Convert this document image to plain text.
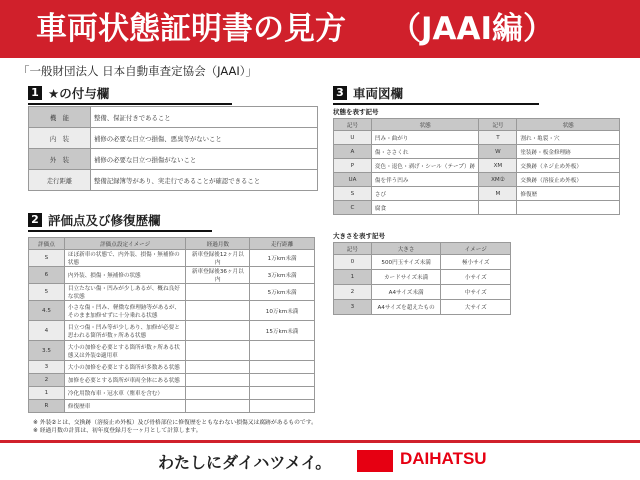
車両状態証明書の見方 （JAAI編）
「一般財団法人 日本自動車査定協会（JAAI）」
1 ★の付与欄
機　能	整備、保証付きであること
内　装	補修の必要な目立つ損傷、悪臭等がないこと
外　装	補修の必要な目立つ損傷がないこと
走行距離	整備記録簿等があり、実走行であることが確認できること
2 評価点及び修復歴欄
評価点	評価点設定イメージ	経過月数	走行距離
S	ほぼ新車の状態で、内外装、損傷・無補修の状態	新車登録後12ヶ月以内	1万km未満
6	内外装、損傷・無補修の状態	新車登録後36ヶ月以内	3万km未満
5	目立たない傷・凹みが少しあるが、概ね良好な状態		5万km未満
4.5	小さな傷・凹み、軽微な修理跡等があるが、そのまま加修せずに十分乗れる状態		10万km未満
4	目立つ傷・凹み等が少しあり、加修が必要と思われる箇所が数ヶ所ある状態		15万km未満
3.5	大小の加修を必要とする箇所が数ヶ所ある状態又は外装②適用車		
3	大小の加修を必要とする箇所が多数ある状態		
2	加修を必要とする箇所が車両全体にある状態		
1	冷化用散布車・冠水車（塵車を含む）		
R	修復歴車		
3 車両図欄
状態を表す記号
記号	状態	記号	状態
U	凹み・曲がり	T	割れ・亀裂・穴
A	傷・ささくれ	W	塗装跡・板金修理跡
P	変色・退色・剥げ・シール（テープ）跡	XM	交換跡（ネジ止め外板）
UA	傷を伴う凹み	XM②	交換跡（溶接止め外板）
S	さび	M	修復歴
C	腐食		
大きさを表す記号
記号	大きさ	イメージ
0	500円玉サイズ未満	極小サイズ
1	カードサイズ未満	小サイズ
2	A4サイズ未満	中サイズ
3	A4サイズを超えたもの	大サイズ
※ 外装②とは、交換跡（溶接止め外板）及び骨格部位に修復歴をともなわない損傷又は腐跡があるものです。
※ 経過月数の計算は、初年度登録月を一ヶ月として計算します。
わたしにダイハツメイ。	DAIHATSU
